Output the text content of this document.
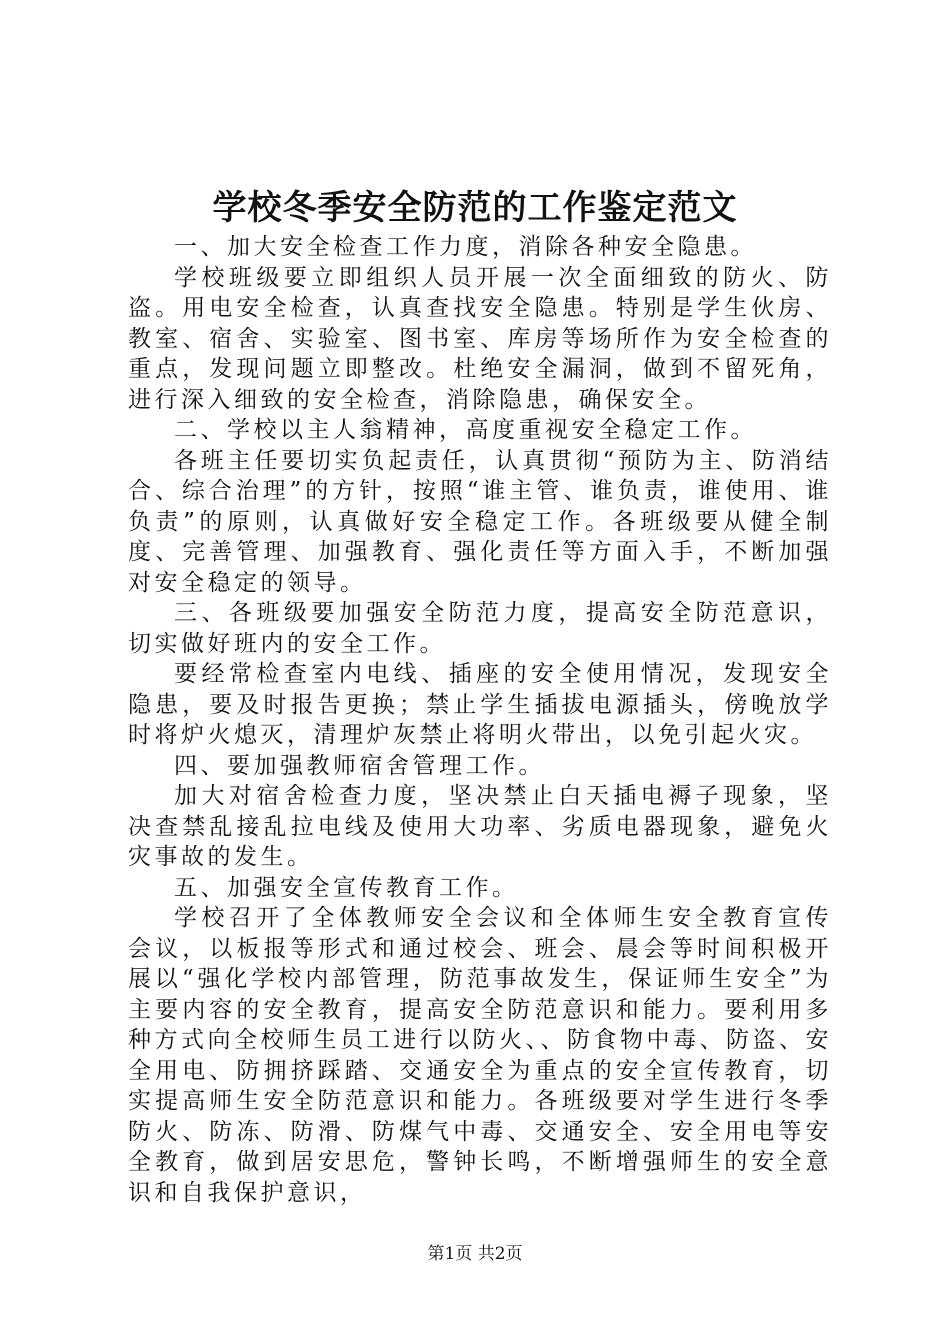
学校冬季安全防范的工作鉴定范文

一、加大安全检查工作力度，消除各种安全隐患。

学校班级要立即组织人员开展一次全面细致的防火、防盗。用电安全检查，认真查找安全隐患。特别是学生伙房、教室、宿舍、实验室、图书室、库房等场所作为安全检查的重点，发现问题立即整改。杜绝安全漏洞，做到不留死角，进行深入细致的安全检查，消除隐患，确保安全。

二、学校以主人翁精神，高度重视安全稳定工作。

各班主任要切实负起责任，认真贯彻“预防为主、防消结合、综合治理”的方针，按照“谁主管、谁负责，谁使用、谁负责”的原则，认真做好安全稳定工作。各班级要从健全制度、完善管理、加强教育、强化责任等方面入手，不断加强对安全稳定的领导。

三、各班级要加强安全防范力度，提高安全防范意识，切实做好班内的安全工作。

要经常检查室内电线、插座的安全使用情况，发现安全隐患，要及时报告更换；禁止学生插拔电源插头，傍晚放学时将炉火熄灭，清理炉灰禁止将明火带出，以免引起火灾。

四、要加强教师宿舍管理工作。

加大对宿舍检查力度，坚决禁止白天插电褥子现象，坚决查禁乱接乱拉电线及使用大功率、劣质电器现象，避免火灾事故的发生。

五、加强安全宣传教育工作。

学校召开了全体教师安全会议和全体师生安全教育宣传会议，以板报等形式和通过校会、班会、晨会等时间积极开展以“强化学校内部管理，防范事故发生，保证师生安全”为主要内容的安全教育，提高安全防范意识和能力。要利用多种方式向全校师生员工进行以防火、、防食物中毒、防盗、安全用电、防拥挤踩踏、交通安全为重点的安全宣传教育，切实提高师生安全防范意识和能力。各班级要对学生进行冬季防火、防冻、防滑、防煤气中毒、交通安全、安全用电等安全教育，做到居安思危，警钟长鸣，不断增强师生的安全意识和自我保护意识，

第1页 共2页
